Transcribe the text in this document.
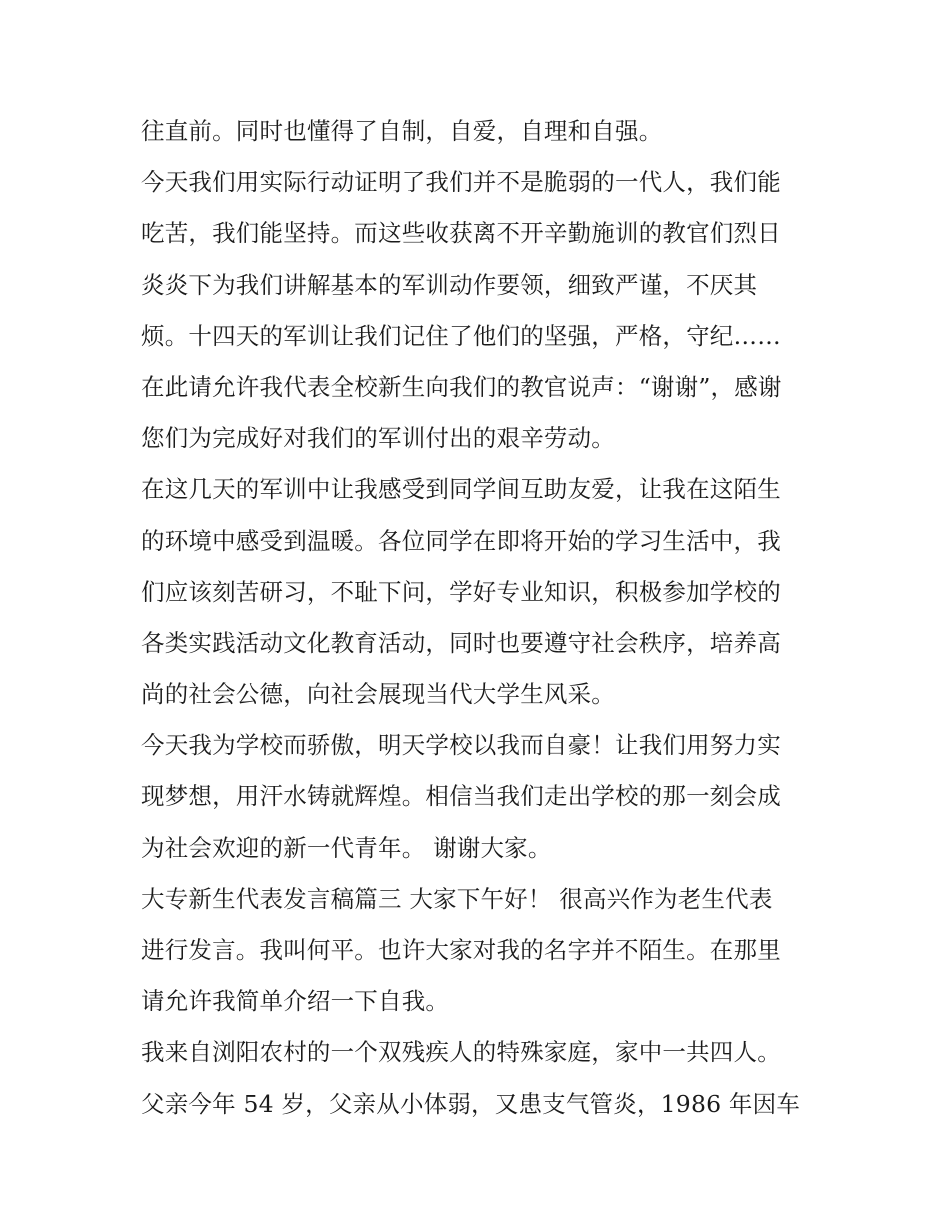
往直前。同时也懂得了自制，自爱，自理和自强。
今天我们用实际行动证明了我们并不是脆弱的一代人，我们能
吃苦，我们能坚持。而这些收获离不开辛勤施训的教官们烈日
炎炎下为我们讲解基本的军训动作要领，细致严谨，不厌其
烦。十四天的军训让我们记住了他们的坚强，严格，守纪……
在此请允许我代表全校新生向我们的教官说声：“谢谢”，感谢
您们为完成好对我们的军训付出的艰辛劳动。
在这几天的军训中让我感受到同学间互助友爱，让我在这陌生
的环境中感受到温暖。各位同学在即将开始的学习生活中，我
们应该刻苦研习，不耻下问，学好专业知识，积极参加学校的
各类实践活动文化教育活动，同时也要遵守社会秩序，培养高
尚的社会公德，向社会展现当代大学生风采。
今天我为学校而骄傲，明天学校以我而自豪！让我们用努力实
现梦想，用汗水铸就辉煌。相信当我们走出学校的那一刻会成
为社会欢迎的新一代青年。 谢谢大家。
大专新生代表发言稿篇三 大家下午好！ 很高兴作为老生代表
进行发言。我叫何平。也许大家对我的名字并不陌生。在那里
请允许我简单介绍一下自我。
我来自浏阳农村的一个双残疾人的特殊家庭，家中一共四人。
父亲今年 54 岁，父亲从小体弱，又患支气管炎，1986 年因车
